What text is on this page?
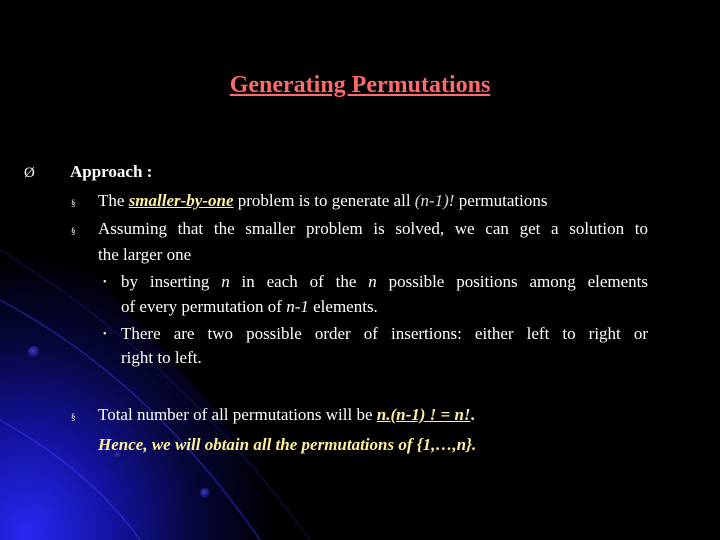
Generating Permutations
Ø Approach :
§ The smaller-by-one problem is to generate all (n-1)! permutations
§ Assuming that the smaller problem is solved, we can get a solution to
the larger one
• by inserting n in each of the n possible positions among elements
of every permutation of n-1 elements.
• There are two possible order of insertions: either left to right or
right to left.
§ Total number of all permutations will be n.(n-1) ! = n!.
Hence, we will obtain all the permutations of {1,…,n}.
